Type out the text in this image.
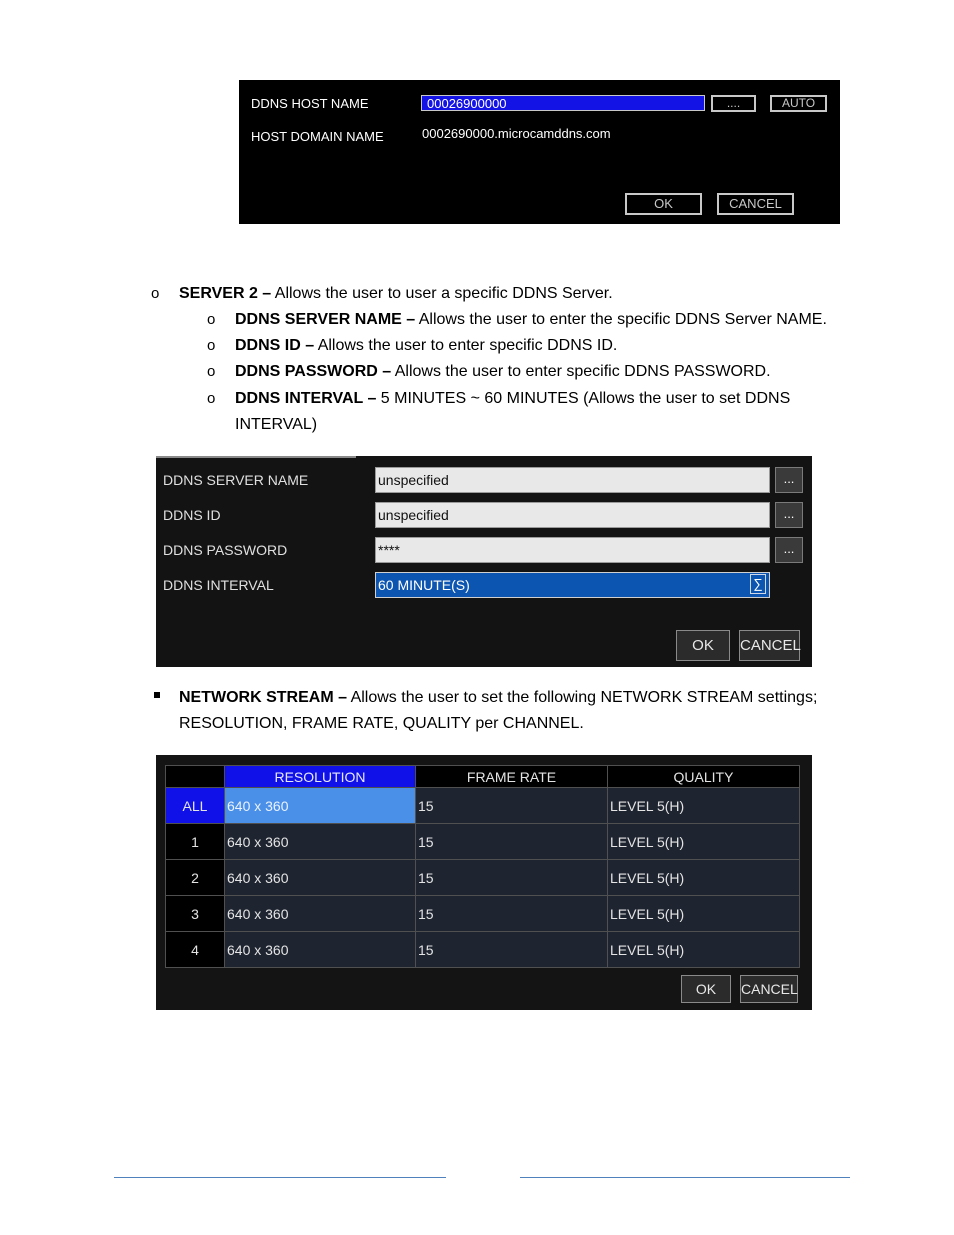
DDNS HOST NAME	00026900000	....	AUTO
HOST DOMAIN NAME	0002690000.microcamddns.com
OK	CANCEL
o SERVER 2 – Allows the user to user a specific DDNS Server.
o DDNS SERVER NAME – Allows the user to enter the specific DDNS Server NAME.
o DDNS ID – Allows the user to enter specific DDNS ID.
o DDNS PASSWORD – Allows the user to enter specific DDNS PASSWORD.
o DDNS INTERVAL – 5 MINUTES ~ 60 MINUTES (Allows the user to set DDNS
INTERVAL)
DDNS SERVER NAME	unspecified	...
DDNS ID	unspecified	...
DDNS PASSWORD	****	...
DDNS INTERVAL	60 MINUTE(S)	∑
OK	CANCEL
NETWORK STREAM – Allows the user to set the following NETWORK STREAM settings;
RESOLUTION, FRAME RATE, QUALITY per CHANNEL.
	RESOLUTION	FRAME RATE	QUALITY
ALL	640 x 360	15	LEVEL 5(H)
1	640 x 360	15	LEVEL 5(H)
2	640 x 360	15	LEVEL 5(H)
3	640 x 360	15	LEVEL 5(H)
4	640 x 360	15	LEVEL 5(H)
OK	CANCEL
